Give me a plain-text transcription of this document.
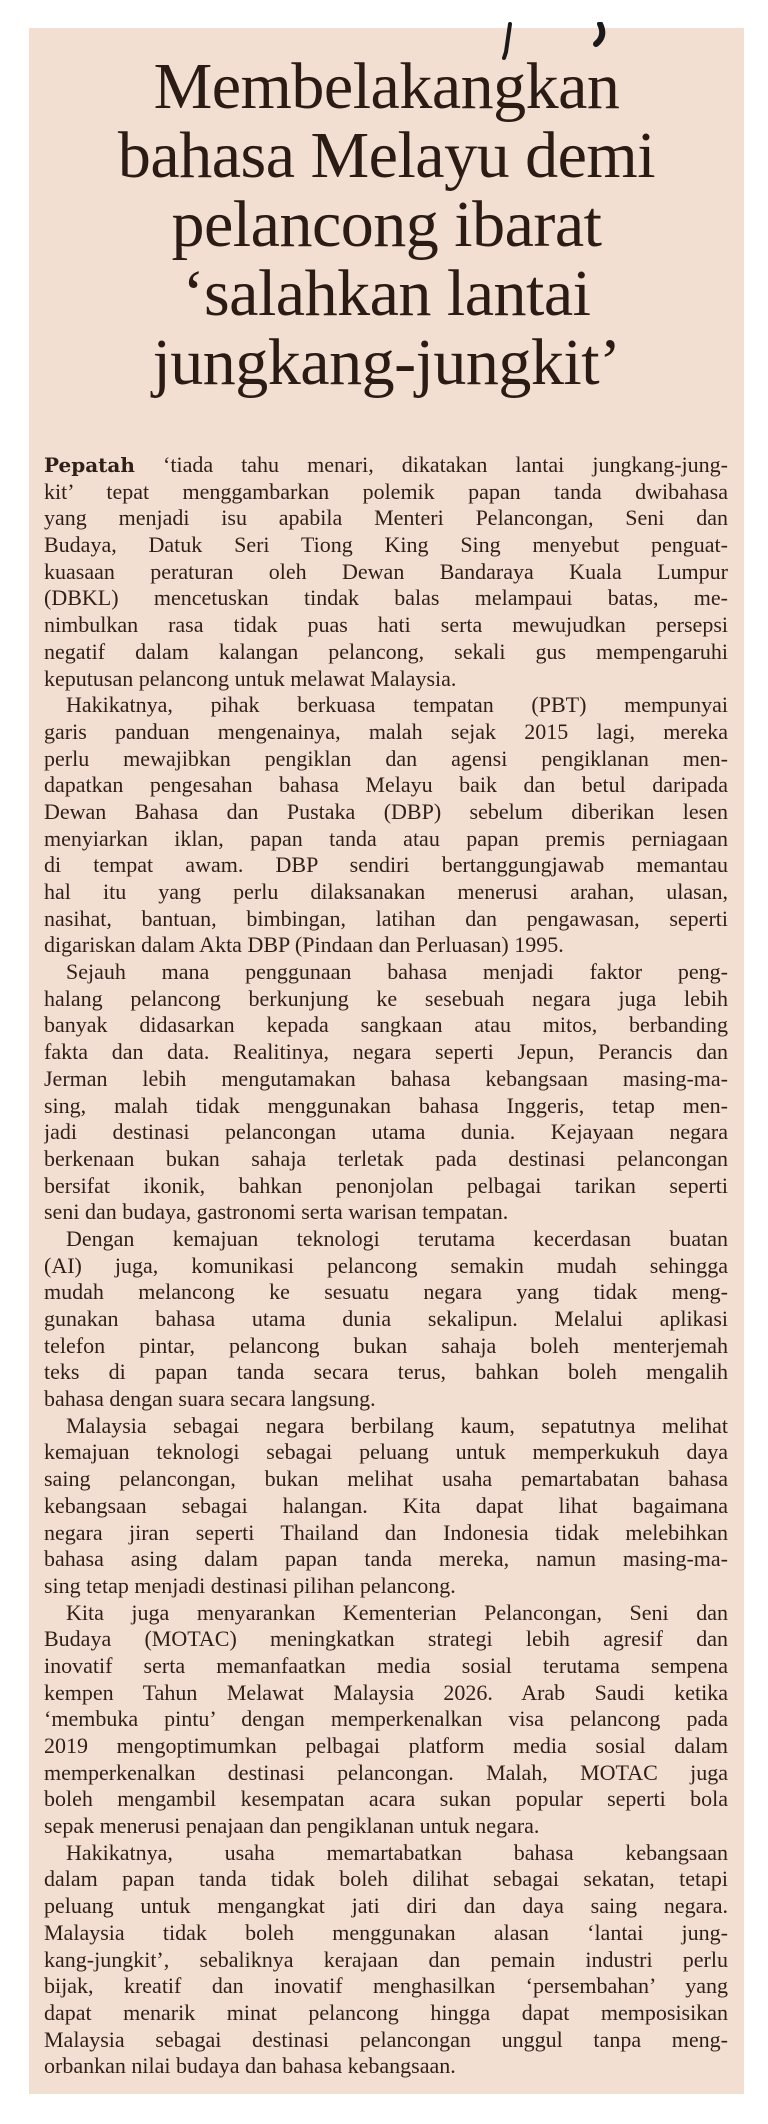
Membelakangkan
bahasa Melayu demi
pelancong ibarat
‘salahkan lantai
jungkang-jungkit’
Pepatah ‘tiada tahu menari, dikatakan lantai jungkang-jung-
kit’ tepat menggambarkan polemik papan tanda dwibahasa
yang menjadi isu apabila Menteri Pelancongan, Seni dan
Budaya, Datuk Seri Tiong King Sing menyebut penguat-
kuasaan peraturan oleh Dewan Bandaraya Kuala Lumpur
(DBKL) mencetuskan tindak balas melampaui batas, me-
nimbulkan rasa tidak puas hati serta mewujudkan persepsi
negatif dalam kalangan pelancong, sekali gus mempengaruhi
keputusan pelancong untuk melawat Malaysia.
Hakikatnya, pihak berkuasa tempatan (PBT) mempunyai
garis panduan mengenainya, malah sejak 2015 lagi, mereka
perlu mewajibkan pengiklan dan agensi pengiklanan men-
dapatkan pengesahan bahasa Melayu baik dan betul daripada
Dewan Bahasa dan Pustaka (DBP) sebelum diberikan lesen
menyiarkan iklan, papan tanda atau papan premis perniagaan
di tempat awam. DBP sendiri bertanggungjawab memantau
hal itu yang perlu dilaksanakan menerusi arahan, ulasan,
nasihat, bantuan, bimbingan, latihan dan pengawasan, seperti
digariskan dalam Akta DBP (Pindaan dan Perluasan) 1995.
Sejauh mana penggunaan bahasa menjadi faktor peng-
halang pelancong berkunjung ke sesebuah negara juga lebih
banyak didasarkan kepada sangkaan atau mitos, berbanding
fakta dan data. Realitinya, negara seperti Jepun, Perancis dan
Jerman lebih mengutamakan bahasa kebangsaan masing-ma-
sing, malah tidak menggunakan bahasa Inggeris, tetap men-
jadi destinasi pelancongan utama dunia. Kejayaan negara
berkenaan bukan sahaja terletak pada destinasi pelancongan
bersifat ikonik, bahkan penonjolan pelbagai tarikan seperti
seni dan budaya, gastronomi serta warisan tempatan.
Dengan kemajuan teknologi terutama kecerdasan buatan
(AI) juga, komunikasi pelancong semakin mudah sehingga
mudah melancong ke sesuatu negara yang tidak meng-
gunakan bahasa utama dunia sekalipun. Melalui aplikasi
telefon pintar, pelancong bukan sahaja boleh menterjemah
teks di papan tanda secara terus, bahkan boleh mengalih
bahasa dengan suara secara langsung.
Malaysia sebagai negara berbilang kaum, sepatutnya melihat
kemajuan teknologi sebagai peluang untuk memperkukuh daya
saing pelancongan, bukan melihat usaha pemartabatan bahasa
kebangsaan sebagai halangan. Kita dapat lihat bagaimana
negara jiran seperti Thailand dan Indonesia tidak melebihkan
bahasa asing dalam papan tanda mereka, namun masing-ma-
sing tetap menjadi destinasi pilihan pelancong.
Kita juga menyarankan Kementerian Pelancongan, Seni dan
Budaya (MOTAC) meningkatkan strategi lebih agresif dan
inovatif serta memanfaatkan media sosial terutama sempena
kempen Tahun Melawat Malaysia 2026. Arab Saudi ketika
‘membuka pintu’ dengan memperkenalkan visa pelancong pada
2019 mengoptimumkan pelbagai platform media sosial dalam
memperkenalkan destinasi pelancongan. Malah, MOTAC juga
boleh mengambil kesempatan acara sukan popular seperti bola
sepak menerusi penajaan dan pengiklanan untuk negara.
Hakikatnya, usaha memartabatkan bahasa kebangsaan
dalam papan tanda tidak boleh dilihat sebagai sekatan, tetapi
peluang untuk mengangkat jati diri dan daya saing negara.
Malaysia tidak boleh menggunakan alasan ‘lantai jung-
kang-jungkit’, sebaliknya kerajaan dan pemain industri perlu
bijak, kreatif dan inovatif menghasilkan ‘persembahan’ yang
dapat menarik minat pelancong hingga dapat memposisikan
Malaysia sebagai destinasi pelancongan unggul tanpa meng-
orbankan nilai budaya dan bahasa kebangsaan.
